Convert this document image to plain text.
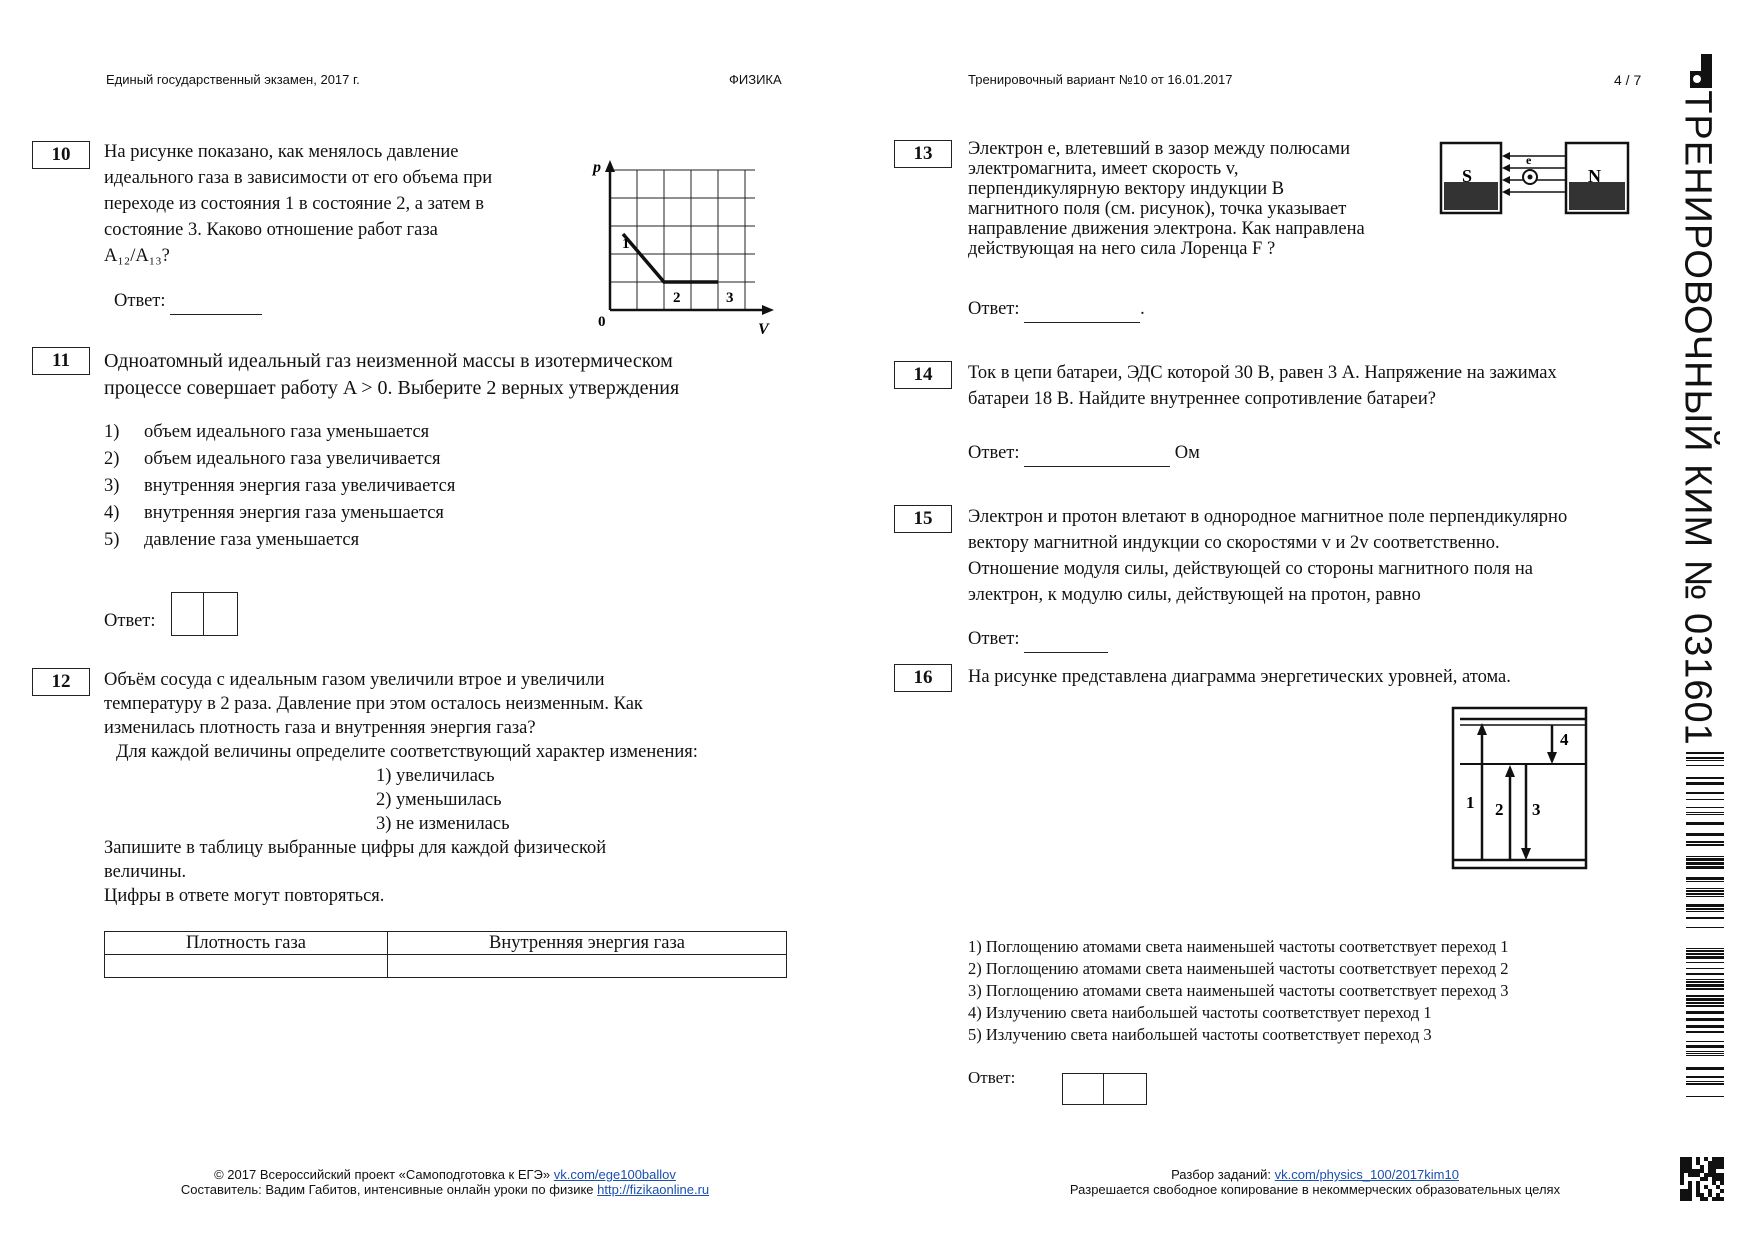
Единый государственный экзамен, 2017 г.	ФИЗИКА	Тренировочный вариант №10 от 16.01.2017	4 / 7
ТРЕНИРОВОЧНЫЙ КИМ № 031601
10	На рисунке показано, как менялось давление
идеального газа в зависимости от его объема при
переходе из состояния 1 в состояние 2, а затем в
состояние 3. Каково отношение работ газа
A₁₂/A₁₃?
Ответ:
p
V
0
1
2	3
11	Одноатомный идеальный газ неизменной массы в изотермическом
процессе совершает работу A > 0. Выберите 2 верных утверждения
1) объем идеального газа уменьшается
2) объем идеального газа увеличивается
3) внутренняя энергия газа увеличивается
4) внутренняя энергия газа уменьшается
5) давление газа уменьшается
Ответ:
12	Объём сосуда с идеальным газом увеличили втрое и увеличили
температуру в 2 раза. Давление при этом осталось неизменным. Как
изменилась плотность газа и внутренняя энергия газа?
Для каждой величины определите соответствующий характер изменения:
1) увеличилась
2) уменьшилась
3) не изменилась
Запишите в таблицу выбранные цифры для каждой физической
величины.
Цифры в ответе могут повторяться.
Плотность газа	Внутренняя энергия газа

13	Электрон e, влетевший в зазор между полюсами
электромагнита, имеет скорость v,
перпендикулярную вектору индукции B
магнитного поля (см. рисунок), точка указывает
направление движения электрона. Как направлена
действующая на него сила Лоренца F ?
S	N
e
Ответ:	.
14	Ток в цепи батареи, ЭДС которой 30 В, равен 3 А. Напряжение на зажимах
батареи 18 В. Найдите внутреннее сопротивление батареи?
Ответ:	Ом
15	Электрон и протон влетают в однородное магнитное поле перпендикулярно
вектору магнитной индукции со скоростями v и 2v соответственно.
Отношение модуля силы, действующей со стороны магнитного поля на
электрон, к модулю силы, действующей на протон, равно
Ответ:
16	На рисунке представлена диаграмма энергетических уровней, атома.
1 2 3
4
1) Поглощению атомами света наименьшей частоты соответствует переход 1
2) Поглощению атомами света наименьшей частоты соответствует переход 2
3) Поглощению атомами света наименьшей частоты соответствует переход 3
4) Излучению света наибольшей частоты соответствует переход 1
5) Излучению света наибольшей частоты соответствует переход 3
Ответ:
© 2017 Всероссийский проект «Самоподготовка к ЕГЭ» vk.com/ege100ballov
Составитель: Вадим Габитов, интенсивные онлайн уроки по физике http://fizikaonline.ru
Разбор заданий: vk.com/physics_100/2017kim10
Разрешается свободное копирование в некоммерческих образовательных целях
